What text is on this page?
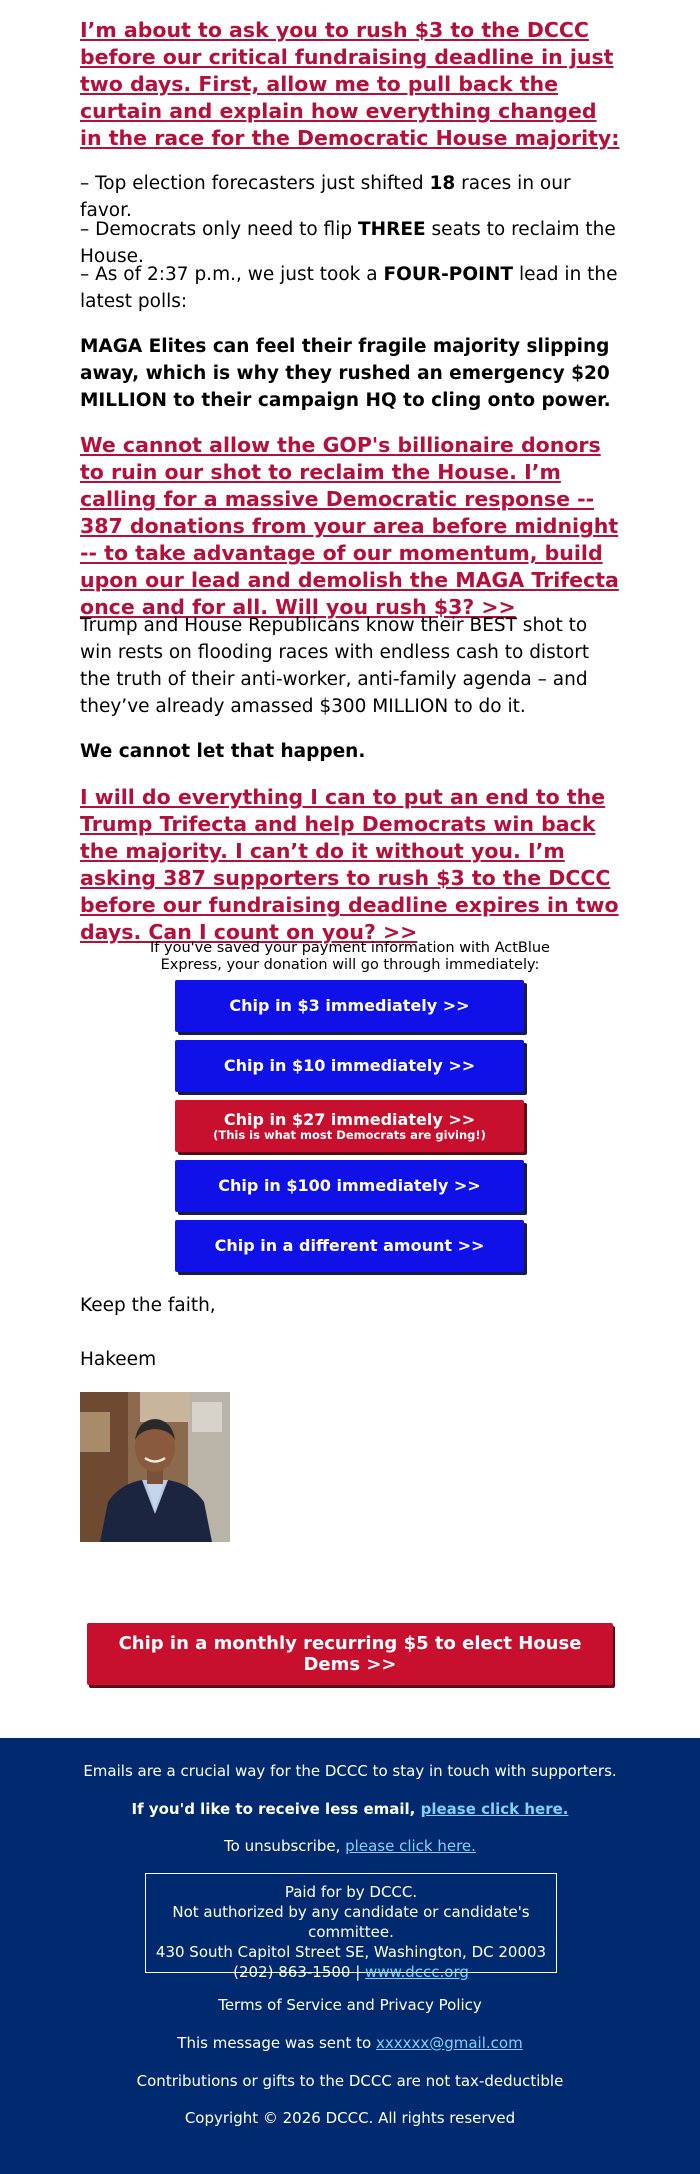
I’m about to ask you to rush $3 to the DCCC before our critical fundraising deadline in just two days. First, allow me to pull back the curtain and explain how everything changed in the race for the Democratic House majority:

– Top election forecasters just shifted 18 races in our favor.

– Democrats only need to flip THREE seats to reclaim the House.

– As of 2:37 p.m., we just took a FOUR-POINT lead in the latest polls:

MAGA Elites can feel their fragile majority slipping away, which is why they rushed an emergency $20 MILLION to their campaign HQ to cling onto power.

We cannot allow the GOP's billionaire donors to ruin our shot to reclaim the House. I’m calling for a massive Democratic response -- 387 donations from your area before midnight -- to take advantage of our momentum, build upon our lead and demolish the MAGA Trifecta once and for all. Will you rush $3? >>

Trump and House Republicans know their BEST shot to win rests on flooding races with endless cash to distort the truth of their anti-worker, anti-family agenda – and they’ve already amassed $300 MILLION to do it.

We cannot let that happen.

I will do everything I can to put an end to the Trump Trifecta and help Democrats win back the majority. I can’t do it without you. I’m asking 387 supporters to rush $3 to the DCCC before our fundraising deadline expires in two days. Can I count on you? >>

If you've saved your payment information with ActBlue Express, your donation will go through immediately:

Chip in $3 immediately >>
Chip in $10 immediately >>
Chip in $27 immediately >>
(This is what most Democrats are giving!)
Chip in $100 immediately >>
Chip in a different amount >>

Keep the faith,

Hakeem

Chip in a monthly recurring $5 to elect House Dems >>

Emails are a crucial way for the DCCC to stay in touch with supporters.

If you'd like to receive less email, please click here.

To unsubscribe, please click here.

Paid for by DCCC.

Not authorized by any candidate or candidate's committee.

430 South Capitol Street SE, Washington, DC 20003

(202) 863-1500 | www.dccc.org

Terms of Service and Privacy Policy

This message was sent to xxxxxx@gmail.com

Contributions or gifts to the DCCC are not tax-deductible

Copyright © 2026 DCCC. All rights reserved
